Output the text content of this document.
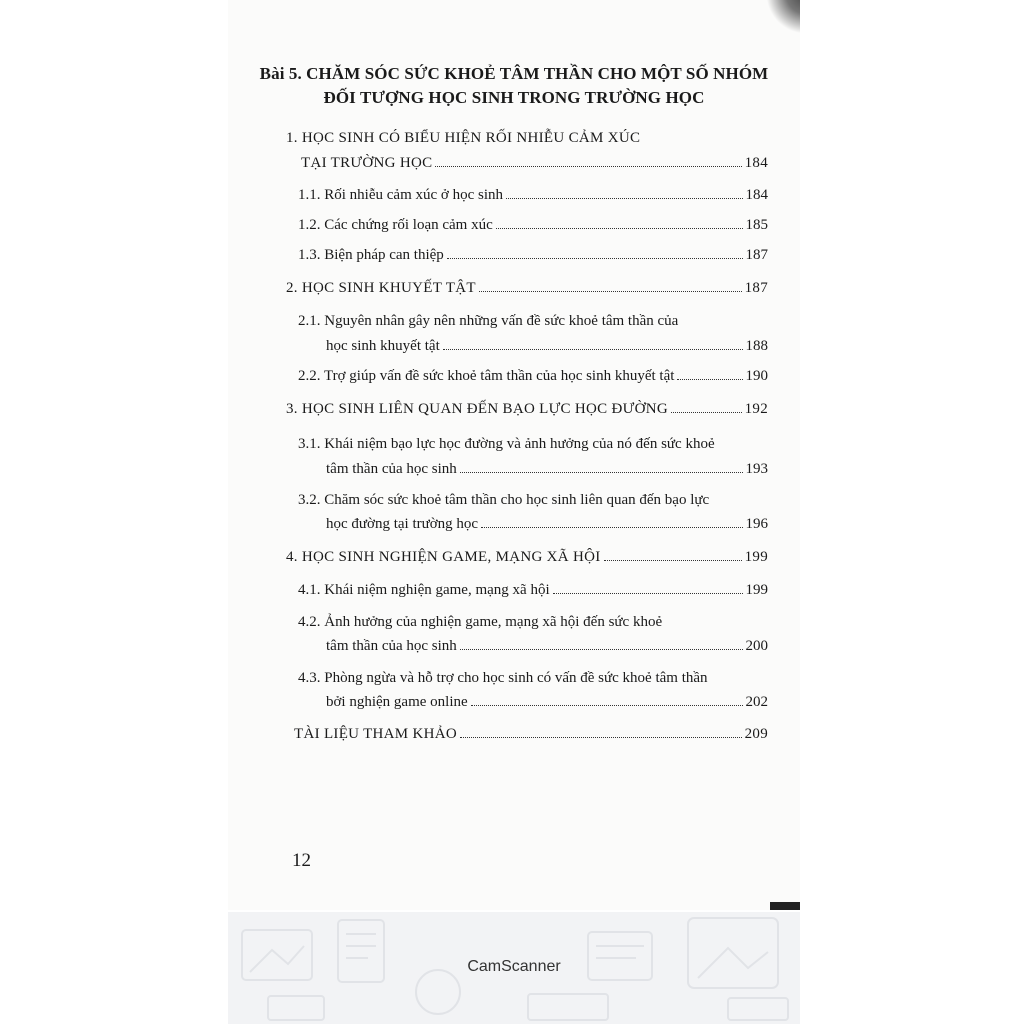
Bài 5. CHĂM SÓC SỨC KHOẺ TÂM THẦN CHO MỘT SỐ NHÓM

ĐỐI TƯỢNG HỌC SINH TRONG TRƯỜNG HỌC

1. HỌC SINH CÓ BIỂU HIỆN RỐI NHIỄU CẢM XÚC
TẠI TRƯỜNG HỌC	184
1.1. Rối nhiễu cảm xúc ở học sinh	184
1.2. Các chứng rối loạn cảm xúc	185
1.3. Biện pháp can thiệp	187
2. HỌC SINH KHUYẾT TẬT	187
2.1. Nguyên nhân gây nên những vấn đề sức khoẻ tâm thần của
học sinh khuyết tật	188
2.2. Trợ giúp vấn đề sức khoẻ tâm thần của học sinh khuyết tật	190
3. HỌC SINH LIÊN QUAN ĐẾN BẠO LỰC HỌC ĐƯỜNG	192
3.1. Khái niệm bạo lực học đường và ảnh hưởng của nó đến sức khoẻ
tâm thần của học sinh	193
3.2. Chăm sóc sức khoẻ tâm thần cho học sinh liên quan đến bạo lực
học đường tại trường học	196
4. HỌC SINH NGHIỆN GAME, MẠNG XÃ HỘI	199
4.1. Khái niệm nghiện game, mạng xã hội	199
4.2. Ảnh hưởng của nghiện game, mạng xã hội đến sức khoẻ
tâm thần của học sinh	200
4.3. Phòng ngừa và hỗ trợ cho học sinh có vấn đề sức khoẻ tâm thần
bởi nghiện game online	202
TÀI LIỆU THAM KHẢO	209
12
CamScanner
